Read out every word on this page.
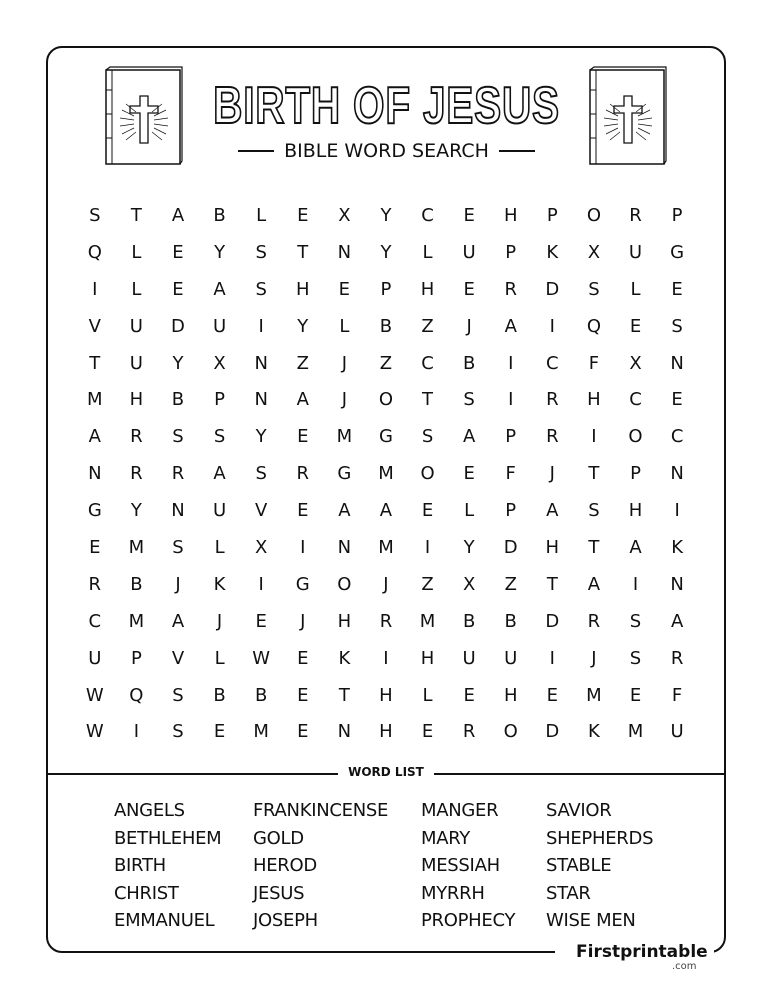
BIRTH OF JESUS
BIBLE WORD SEARCH
S	T	A	B	L	E	X	Y	C	E	H	P	O	R	P
Q	L	E	Y	S	T	N	Y	L	U	P	K	X	U	G
I	L	E	A	S	H	E	P	H	E	R	D	S	L	E
V	U	D	U	I	Y	L	B	Z	J	A	I	Q	E	S
T	U	Y	X	N	Z	J	Z	C	B	I	C	F	X	N
M	H	B	P	N	A	J	O	T	S	I	R	H	C	E
A	R	S	S	Y	E	M	G	S	A	P	R	I	O	C
N	R	R	A	S	R	G	M	O	E	F	J	T	P	N
G	Y	N	U	V	E	A	A	E	L	P	A	S	H	I
E	M	S	L	X	I	N	M	I	Y	D	H	T	A	K
R	B	J	K	I	G	O	J	Z	X	Z	T	A	I	N
C	M	A	J	E	J	H	R	M	B	B	D	R	S	A
U	P	V	L	W	E	K	I	H	U	U	I	J	S	R
W	Q	S	B	B	E	T	H	L	E	H	E	M	E	F
W	I	S	E	M	E	N	H	E	R	O	D	K	M	U
WORD LIST
ANGELS
BETHLEHEM
BIRTH
CHRIST
EMMANUEL
FRANKINCENSE
GOLD
HEROD
JESUS
JOSEPH
MANGER
MARY
MESSIAH
MYRRH
PROPHECY
SAVIOR
SHEPHERDS
STABLE
STAR
WISE MEN
Firstprintable
.com
